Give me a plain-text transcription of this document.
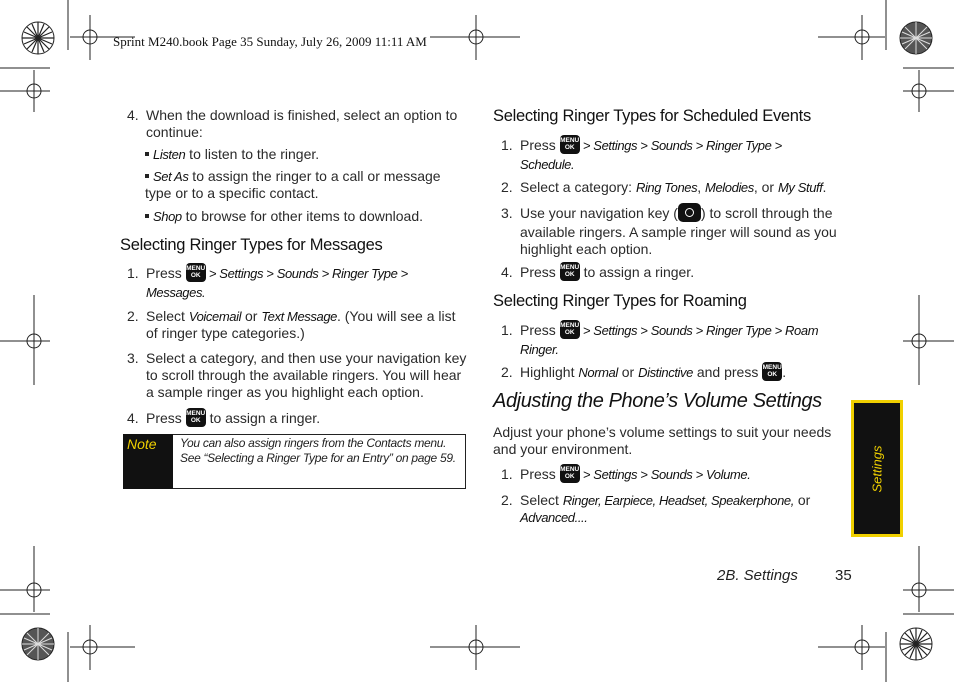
Sprint M240.book Page 35 Sunday, July 26, 2009 11:11 AM
4. When the download is finished, select an option to continue:
Listen to listen to the ringer.
Set As to assign the ringer to a call or message type or to a specific contact.
Shop to browse for other items to download.
Selecting Ringer Types for Messages
1. Press MENU
OK > Settings > Sounds > Ringer Type > Messages.
2. Select Voicemail or Text Message. (You will see a list of ringer type categories.)
3. Select a category, and then use your navigation key to scroll through the available ringers. You will hear a sample ringer as you highlight each option.
4. Press MENU
OK to assign a ringer.
Note	You can also assign ringers from the Contacts menu. See “Selecting a Ringer Type for an Entry” on page 59.
Selecting Ringer Types for Scheduled Events
1. Press MENU
OK > Settings > Sounds > Ringer Type > Schedule.
2. Select a category: Ring Tones, Melodies, or My Stuff.
3. Use your navigation key ( ) to scroll through the available ringers. A sample ringer will sound as you highlight each option.
4. Press MENU
OK to assign a ringer.
Selecting Ringer Types for Roaming
1. Press MENU
OK > Settings > Sounds > Ringer Type > Roam Ringer.
2. Highlight Normal or Distinctive and press MENU
OK .
Adjusting the Phone’s Volume Settings
Adjust your phone’s volume settings to suit your needs and your environment.
1. Press MENU
OK > Settings > Sounds > Volume.
2. Select Ringer, Earpiece, Headset, Speakerphone, or Advanced....
Settings
2B. Settings 35
